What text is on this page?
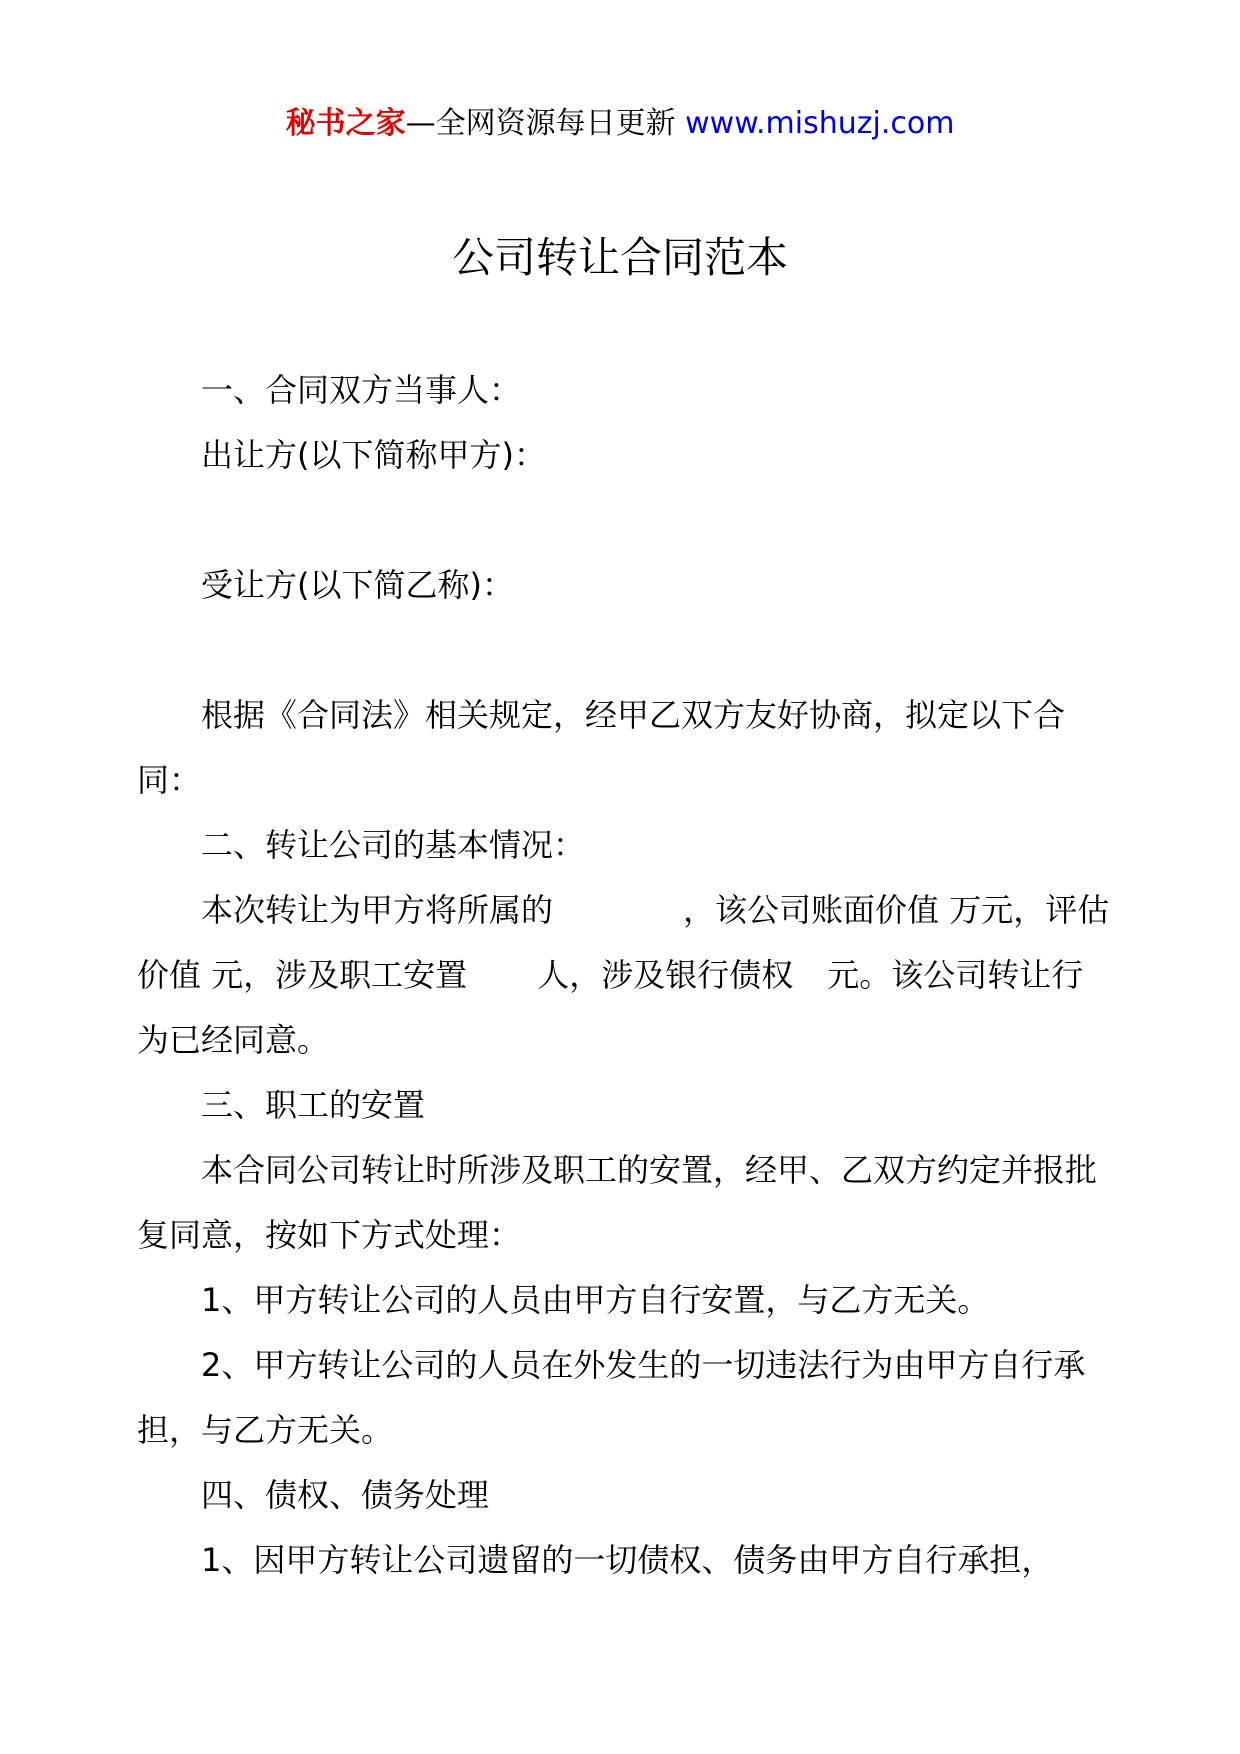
秘书之家—全网资源每日更新 www.mishuzj.com
公司转让合同范本

一、合同双方当事人：

出让方(以下简称甲方)：

受让方(以下简乙称)：

根据《合同法》相关规定，经甲乙双方友好协商，拟定以下合同：

二、转让公司的基本情况：

本次转让为甲方将所属的	，该公司账面价值 万元，评估价值 元，涉及职工安置 人，涉及银行债权 元。该公司转让行为已经同意。

三、职工的安置

本合同公司转让时所涉及职工的安置，经甲、乙双方约定并报批复同意，按如下方式处理：

1、甲方转让公司的人员由甲方自行安置，与乙方无关。

2、甲方转让公司的人员在外发生的一切违法行为由甲方自行承担，与乙方无关。

四、债权、债务处理

1、因甲方转让公司遗留的一切债权、债务由甲方自行承担，
